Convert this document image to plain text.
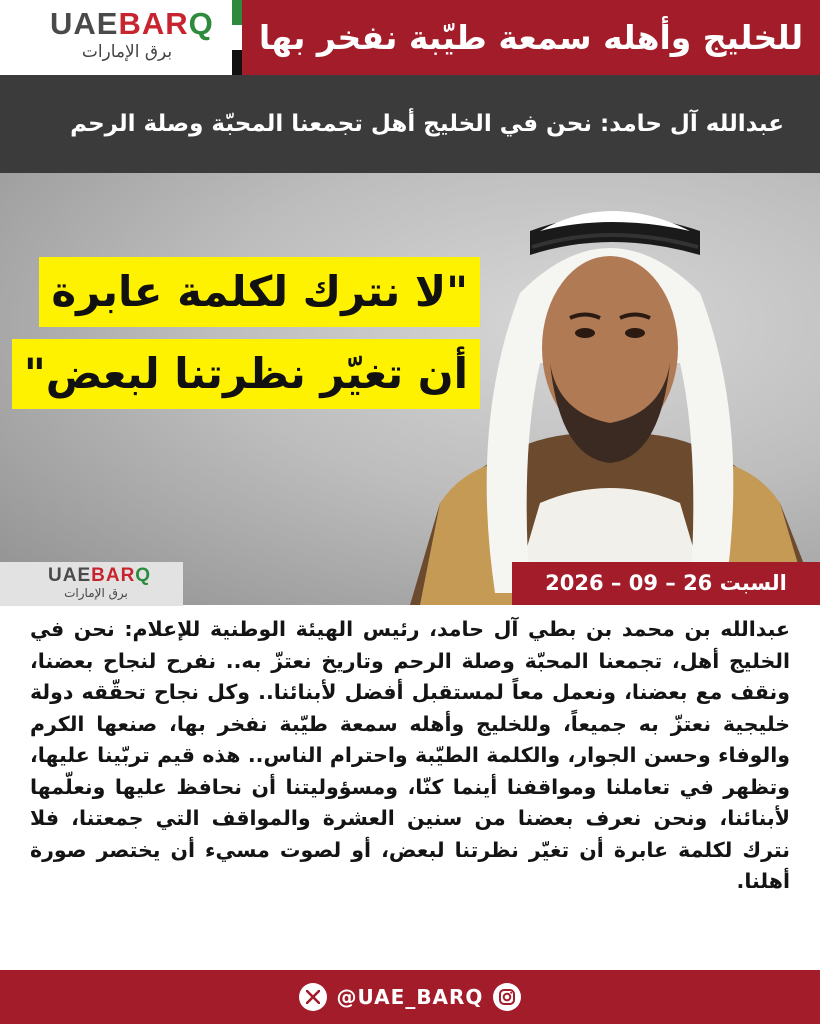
UAEBARQ
برق الإمارات	للخليج وأهله سمعة طيّبة نفخر بها
عبدالله آل حامد: نحن في الخليج أهل تجمعنا المحبّة وصلة الرحم
"لا نترك لكلمة عابرة
أن تغيّر نظرتنا لبعض"
UAEBARQ
برق الإمارات	السبت 26 – 09 – 2026
عبدالله بن محمد بن بطي آل حامد، رئيس الهيئة الوطنية للإعلام: نحن في الخليج أهل، تجمعنا المحبّة وصلة الرحم وتاريخ نعتزّ به.. نفرح لنجاح بعضنا، ونقف مع بعضنا، ونعمل معاً لمستقبل أفضل لأبنائنا.. وكل نجاح تحقّقه دولة خليجية نعتزّ به جميعاً، وللخليج وأهله سمعة طيّبة نفخر بها، صنعها الكرم والوفاء وحسن الجوار، والكلمة الطيّبة واحترام الناس.. هذه قيم تربّينا عليها، وتظهر في تعاملنا ومواقفنا أينما كنّا، ومسؤوليتنا أن نحافظ عليها ونعلّمها لأبنائنا، ونحن نعرف بعضنا من سنين العشرة والمواقف التي جمعتنا، فلا نترك لكلمة عابرة أن تغيّر نظرتنا لبعض، أو لصوت مسيء أن يختصر صورة أهلنا.
@UAE_BARQ
